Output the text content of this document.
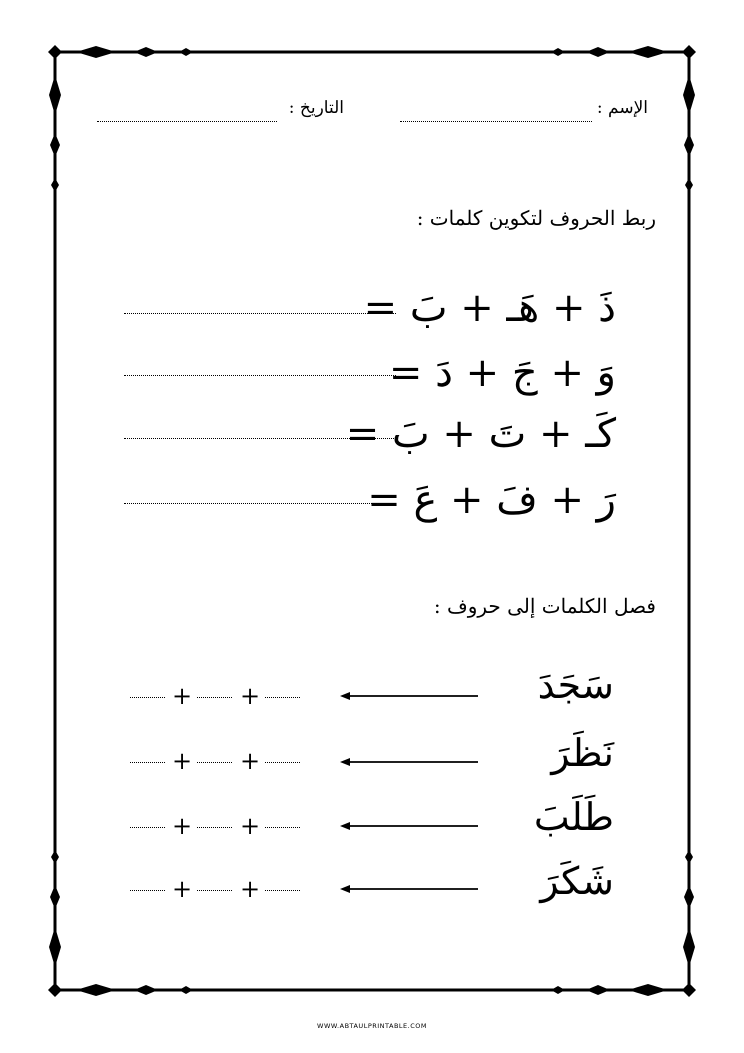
الإسم :
التاريخ :
ربط الحروف لتكوين كلمات :
ذَ + هَـ + بَ =
وَ + جَ + دَ =
كَـ + تَ + بَ =
رَ + فَ + عَ =
فصل الكلمات إلى حروف :
سَجَدَ
+ +
نَظَرَ
+ +
طَلَبَ
+ +
شَكَرَ
+ +
WWW.ABTAULPRINTABLE.COM
